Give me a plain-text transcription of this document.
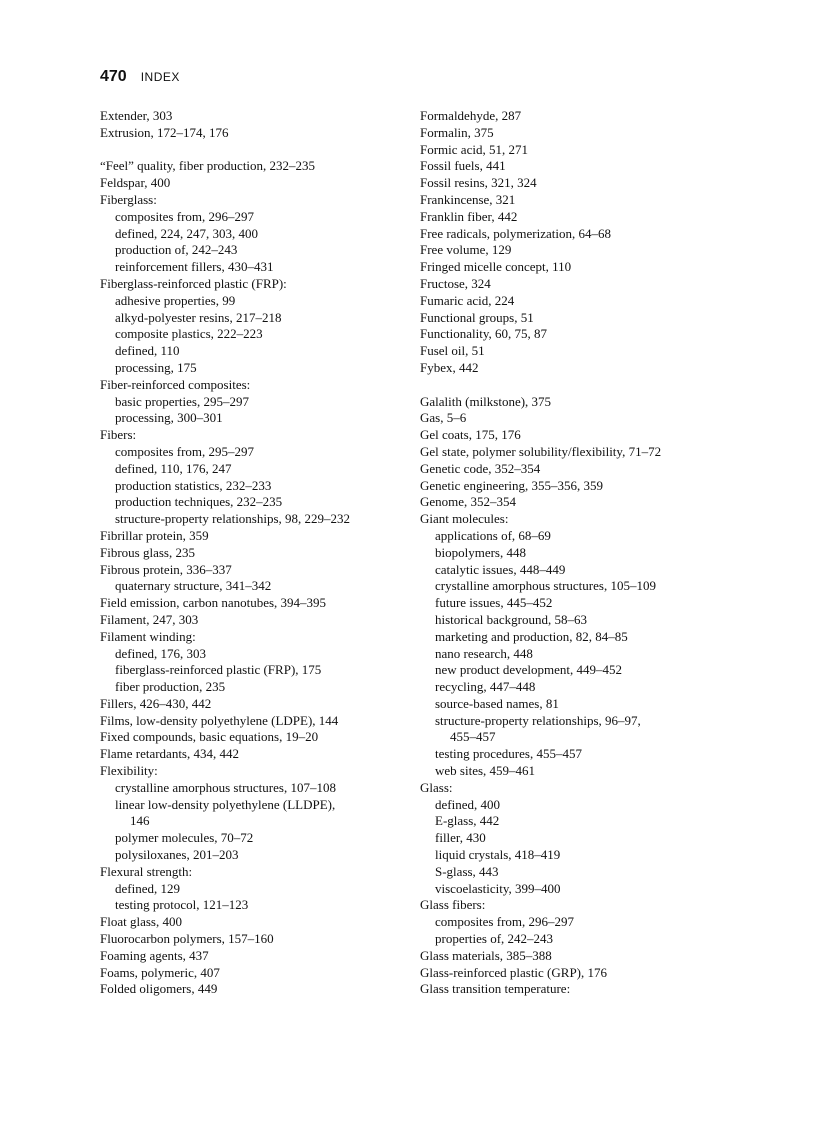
470 INDEX
Extender, 303
Extrusion, 172–174, 176
“Feel” quality, fiber production, 232–235
Feldspar, 400
Fiberglass:
composites from, 296–297
defined, 224, 247, 303, 400
production of, 242–243
reinforcement fillers, 430–431
Fiberglass-reinforced plastic (FRP):
adhesive properties, 99
alkyd-polyester resins, 217–218
composite plastics, 222–223
defined, 110
processing, 175
Fiber-reinforced composites:
basic properties, 295–297
processing, 300–301
Fibers:
composites from, 295–297
defined, 110, 176, 247
production statistics, 232–233
production techniques, 232–235
structure-property relationships, 98, 229–232
Fibrillar protein, 359
Fibrous glass, 235
Fibrous protein, 336–337
quaternary structure, 341–342
Field emission, carbon nanotubes, 394–395
Filament, 247, 303
Filament winding:
defined, 176, 303
fiberglass-reinforced plastic (FRP), 175
fiber production, 235
Fillers, 426–430, 442
Films, low-density polyethylene (LDPE), 144
Fixed compounds, basic equations, 19–20
Flame retardants, 434, 442
Flexibility:
crystalline amorphous structures, 107–108
linear low-density polyethylene (LLDPE),
146
polymer molecules, 70–72
polysiloxanes, 201–203
Flexural strength:
defined, 129
testing protocol, 121–123
Float glass, 400
Fluorocarbon polymers, 157–160
Foaming agents, 437
Foams, polymeric, 407
Folded oligomers, 449
Formaldehyde, 287
Formalin, 375
Formic acid, 51, 271
Fossil fuels, 441
Fossil resins, 321, 324
Frankincense, 321
Franklin fiber, 442
Free radicals, polymerization, 64–68
Free volume, 129
Fringed micelle concept, 110
Fructose, 324
Fumaric acid, 224
Functional groups, 51
Functionality, 60, 75, 87
Fusel oil, 51
Fybex, 442
Galalith (milkstone), 375
Gas, 5–6
Gel coats, 175, 176
Gel state, polymer solubility/flexibility, 71–72
Genetic code, 352–354
Genetic engineering, 355–356, 359
Genome, 352–354
Giant molecules:
applications of, 68–69
biopolymers, 448
catalytic issues, 448–449
crystalline amorphous structures, 105–109
future issues, 445–452
historical background, 58–63
marketing and production, 82, 84–85
nano research, 448
new product development, 449–452
recycling, 447–448
source-based names, 81
structure-property relationships, 96–97,
455–457
testing procedures, 455–457
web sites, 459–461
Glass:
defined, 400
E-glass, 442
filler, 430
liquid crystals, 418–419
S-glass, 443
viscoelasticity, 399–400
Glass fibers:
composites from, 296–297
properties of, 242–243
Glass materials, 385–388
Glass-reinforced plastic (GRP), 176
Glass transition temperature:
